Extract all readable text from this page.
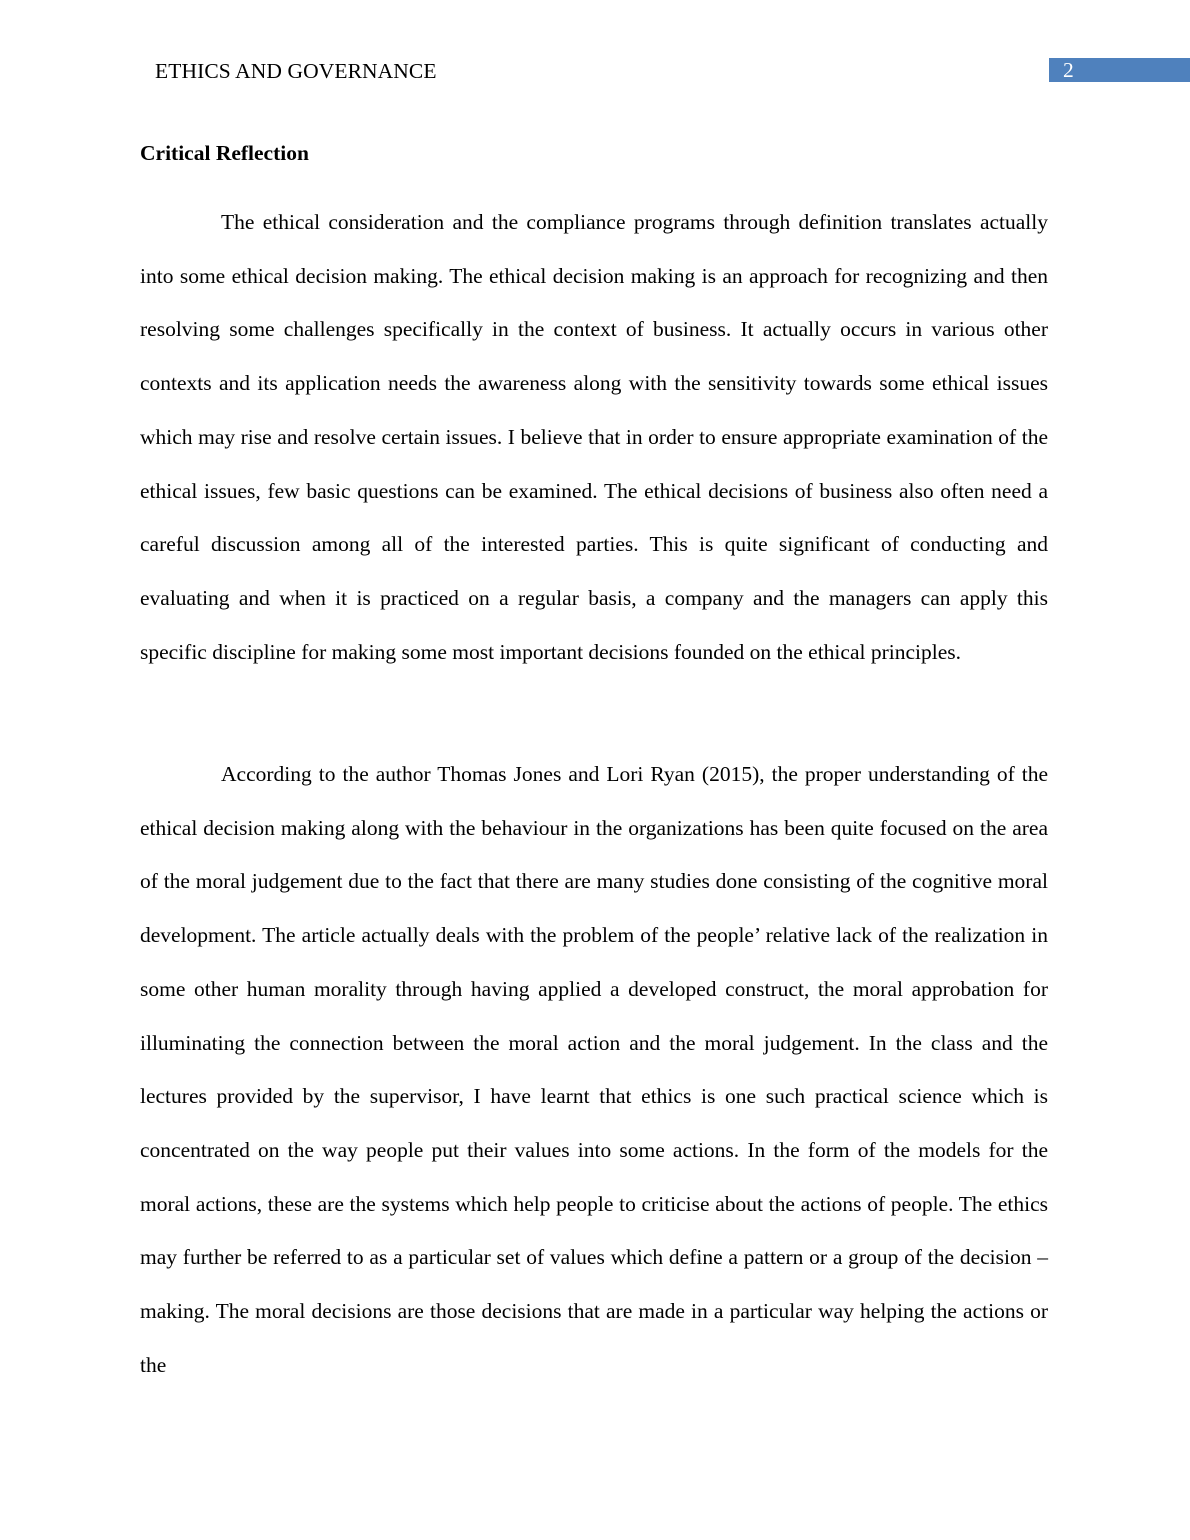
ETHICS AND GOVERNANCE	2
Critical Reflection

The ethical consideration and the compliance programs through definition translates actually into some ethical decision making. The ethical decision making is an approach for recognizing and then resolving some challenges specifically in the context of business. It actually occurs in various other contexts and its application needs the awareness along with the sensitivity towards some ethical issues which may rise and resolve certain issues. I believe that in order to ensure appropriate examination of the ethical issues, few basic questions can be examined. The ethical decisions of business also often need a careful discussion among all of the interested parties. This is quite significant of conducting and evaluating and when it is practiced on a regular basis, a company and the managers can apply this specific discipline for making some most important decisions founded on the ethical principles.

According to the author Thomas Jones and Lori Ryan (2015), the proper understanding of the ethical decision making along with the behaviour in the organizations has been quite focused on the area of the moral judgement due to the fact that there are many studies done consisting of the cognitive moral development. The article actually deals with the problem of the people’ relative lack of the realization in some other human morality through having applied a developed construct, the moral approbation for illuminating the connection between the moral action and the moral judgement. In the class and the lectures provided by the supervisor, I have learnt that ethics is one such practical science which is concentrated on the way people put their values into some actions. In the form of the models for the moral actions, these are the systems which help people to criticise about the actions of people. The ethics may further be referred to as a particular set of values which define a pattern or a group of the decision –making. The moral decisions are those decisions that are made in a particular way helping the actions or the
